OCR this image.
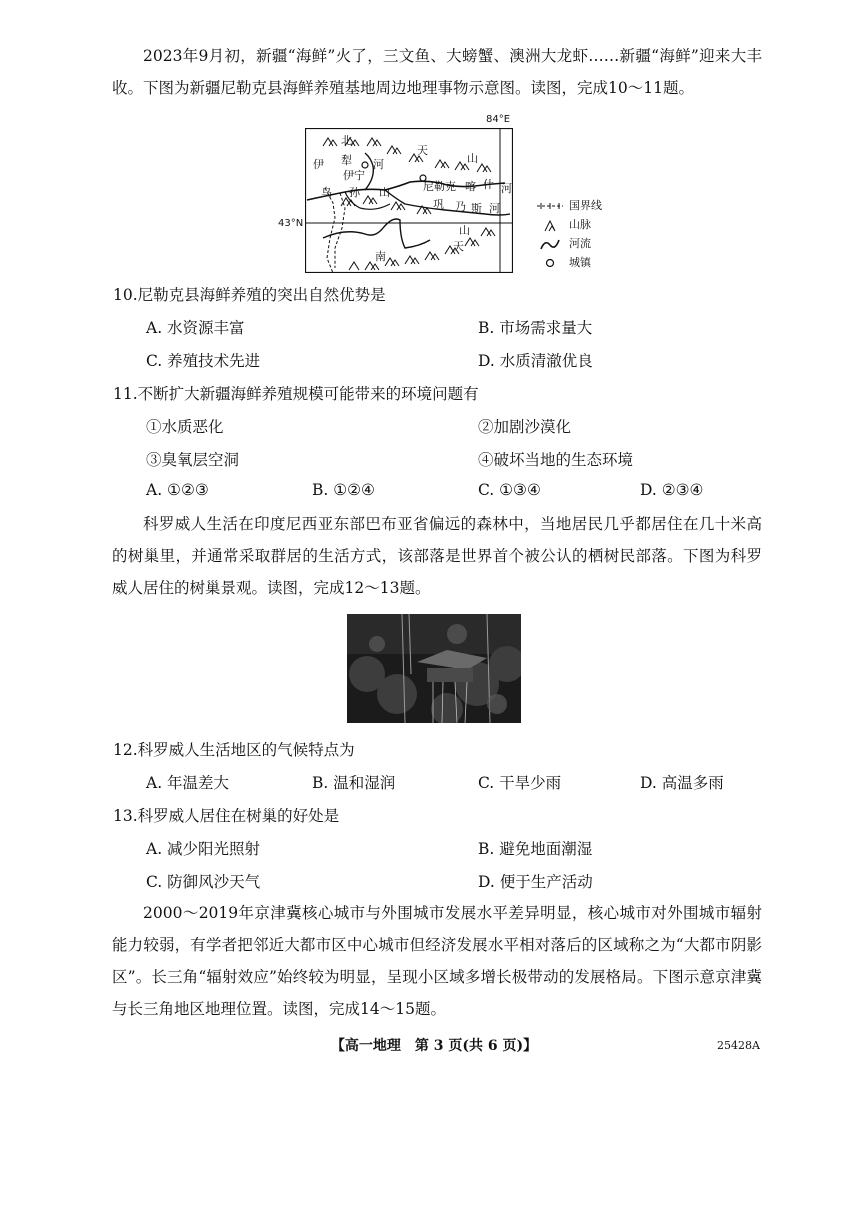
2023年9月初，新疆“海鲜”火了，三文鱼、大螃蟹、澳洲大龙虾……新疆“海鲜”迎来大丰收。下图为新疆尼勒克县海鲜养殖基地周边地理事物示意图。读图，完成10～11题。
84°E
43°N
北
天
山
伊 犁 河
伊宁
尼勒克 喀 什 河
乌 孙 山
巩 乃 斯 河
山
天
南
国界线
山脉
河流
城镇
10.尼勒克县海鲜养殖的突出自然优势是
A. 水资源丰富	B. 市场需求量大
C. 养殖技术先进	D. 水质清澈优良
11.不断扩大新疆海鲜养殖规模可能带来的环境问题有
①水质恶化	②加剧沙漠化
③臭氧层空洞	④破坏当地的生态环境
A. ①②③	B. ①②④	C. ①③④	D. ②③④
科罗威人生活在印度尼西亚东部巴布亚省偏远的森林中，当地居民几乎都居住在几十米高的树巢里，并通常采取群居的生活方式，该部落是世界首个被公认的栖树民部落。下图为科罗威人居住的树巢景观。读图，完成12～13题。
12.科罗威人生活地区的气候特点为
A. 年温差大	B. 温和湿润	C. 干旱少雨	D. 高温多雨
13.科罗威人居住在树巢的好处是
A. 减少阳光照射	B. 避免地面潮湿
C. 防御风沙天气	D. 便于生产活动
2000～2019年京津冀核心城市与外围城市发展水平差异明显，核心城市对外围城市辐射能力较弱，有学者把邻近大都市区中心城市但经济发展水平相对落后的区域称之为“大都市阴影区”。长三角“辐射效应”始终较为明显，呈现小区域多增长极带动的发展格局。下图示意京津冀与长三角地区地理位置。读图，完成14～15题。
【高一地理　第 3 页(共 6 页)】	25428A
